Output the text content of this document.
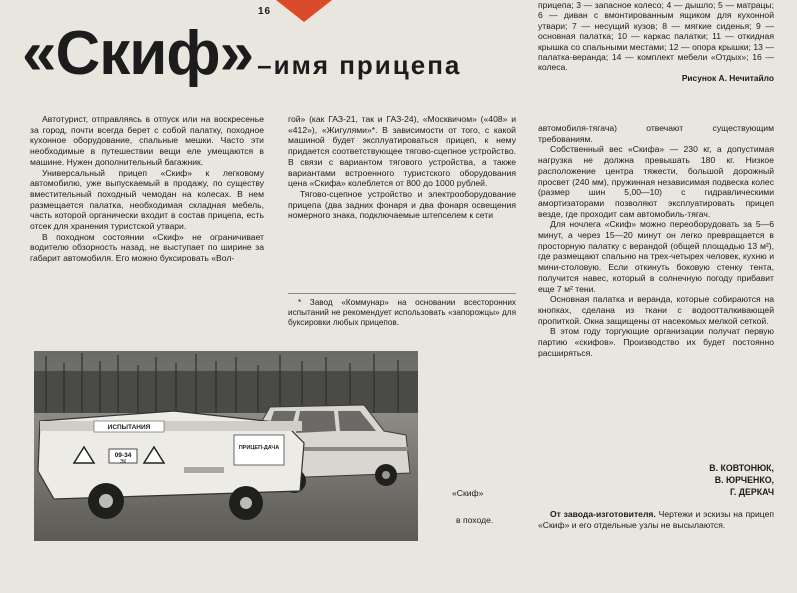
16
«Скиф» –имя прицепа
прицепа; 3 — запасное колесо; 4 — дышло; 5 — матрацы; 6 — диван с вмонтированным ящиком для кухонной утвари; 7 — несущий кузов; 8 — мягкие сиденья; 9 — основная палатка; 10 — каркас палатки; 11 — откидная крышка со спальными местами; 12 — опора крышки; 13 — палатка-веранда; 14 — комплект мебели «Отдых»; 16 — колеса.
Рисунок А. Нечитайло

Автотурист, отправляясь в отпуск или на воскресенье за город, почти всегда берет с собой палатку, походное кухонное оборудование, спальные мешки. Часто эти необходимые в путешествии вещи еле умещаются в машине. Нужен дополнительный багажник.

Универсальный прицеп «Скиф» к легковому автомобилю, уже выпускаемый в продажу, по существу вместительный походный чемодан на колесах. В нем размещается палатка, необходимая складная мебель, часть которой органически входит в состав прицепа, есть отсек для хранения туристской утвари.

В походном состоянии «Скиф» не ограничивает водителю обзорность назад, не выступает по ширине за габарит автомобиля. Его можно буксировать «Вол-

гой» (как ГАЗ-21, так и ГАЗ-24), «Москвичом» («408» и «412»), «Жигулями»*. В зависимости от того, с какой машиной будет эксплуатироваться прицеп, к нему придается соответствующее тягово-сцепное устройство. В связи с вариантом тягового устройства, а также вариантами встроенного туристского оборудования цена «Скифа» колеблется от 800 до 1000 рублей.

Тягово-сцепное устройство и электрооборудование прицепа (два задних фонаря и два фонаря освещения номерного знака, подключаемые штепселем к сети

* Завод «Коммунар» на основании всесторонних испытаний не рекомендует использовать «запорожцы» для буксировки любых прицепов.

автомобиля-тягача) отвечают существующим требованиям.

Собственный вес «Скифа» — 230 кг, а допустимая нагрузка не должна превышать 180 кг. Низкое расположение центра тяжести, большой дорожный просвет (240 мм), пружинная независимая подвеска колес (размер шин 5,00—10) с гидравлическими амортизаторами позволяют эксплуатировать прицеп везде, где проходит сам автомобиль-тягач.

Для ночлега «Скиф» можно переоборудовать за 5—6 минут, а через 15—20 минут он легко превращается в просторную палатку с верандой (общей площадью 13 м²), где размещают спальню на трех-четырех человек, кухню и мини-столовую. Если откинуть боковую стенку тента, получится навес, который в солнечную погоду прибавит еще 7 м² тени.

Основная палатка и веранда, которые собираются на кнопках, сделана из ткани с водоотталкивающей пропиткой. Окна защищены от насекомых мелкой сеткой.

В этом году торгующие организации получат первую партию «скифов». Производство их будет постоянно расширяться.

В. КОВТОНЮК,
В. ЮРЧЕНКО,
Г. ДЕРКАЧ

От завода-изготовителя. Чертежи и эскизы на прицеп «Скиф» и его отдельные узлы не высылаются.

ИСПЫТАНИЯ
09-34
ЭК
ПРИЦЕП-ДАЧА
«Скиф»
в походе.
